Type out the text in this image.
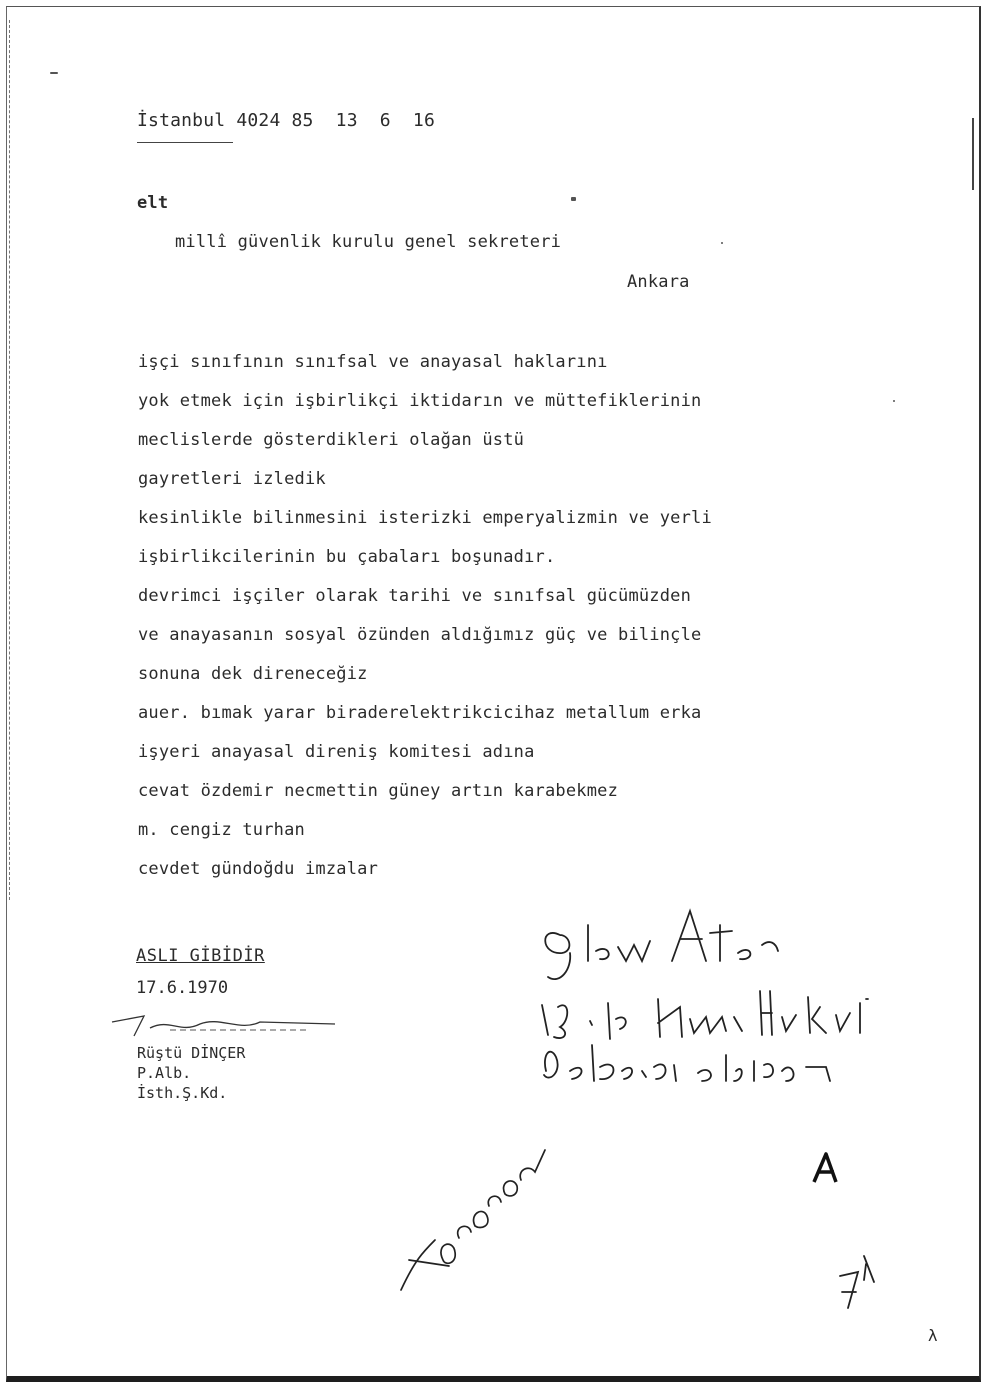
İstanbul 4024 85  13  6  16
elt
millî güvenlik kurulu genel sekreteri
Ankara
işçi sınıfının sınıfsal ve anayasal haklarını
yok etmek için işbirlikçi iktidarın ve müttefiklerinin
meclislerde gösterdikleri olağan üstü
gayretleri izledik
kesinlikle bilinmesini isterizki emperyalizmin ve yerli
işbirlikcilerinin bu çabaları boşunadır.
devrimci işçiler olarak tarihi ve sınıfsal gücümüzden
ve anayasanın sosyal özünden aldığımız güç ve bilinçle
sonuna dek direneceğiz
auer. bımak yarar biraderelektrikcicihaz metallum erka
işyeri anayasal direniş komitesi adına
cevat özdemir necmettin güney artın karabekmez
m. cengiz turhan
cevdet gündoğdu imzalar
ASLI GİBİDİR
17.6.1970
Rüştü DİNÇER
P.Alb.
İsth.Ş.Kd.
λ
